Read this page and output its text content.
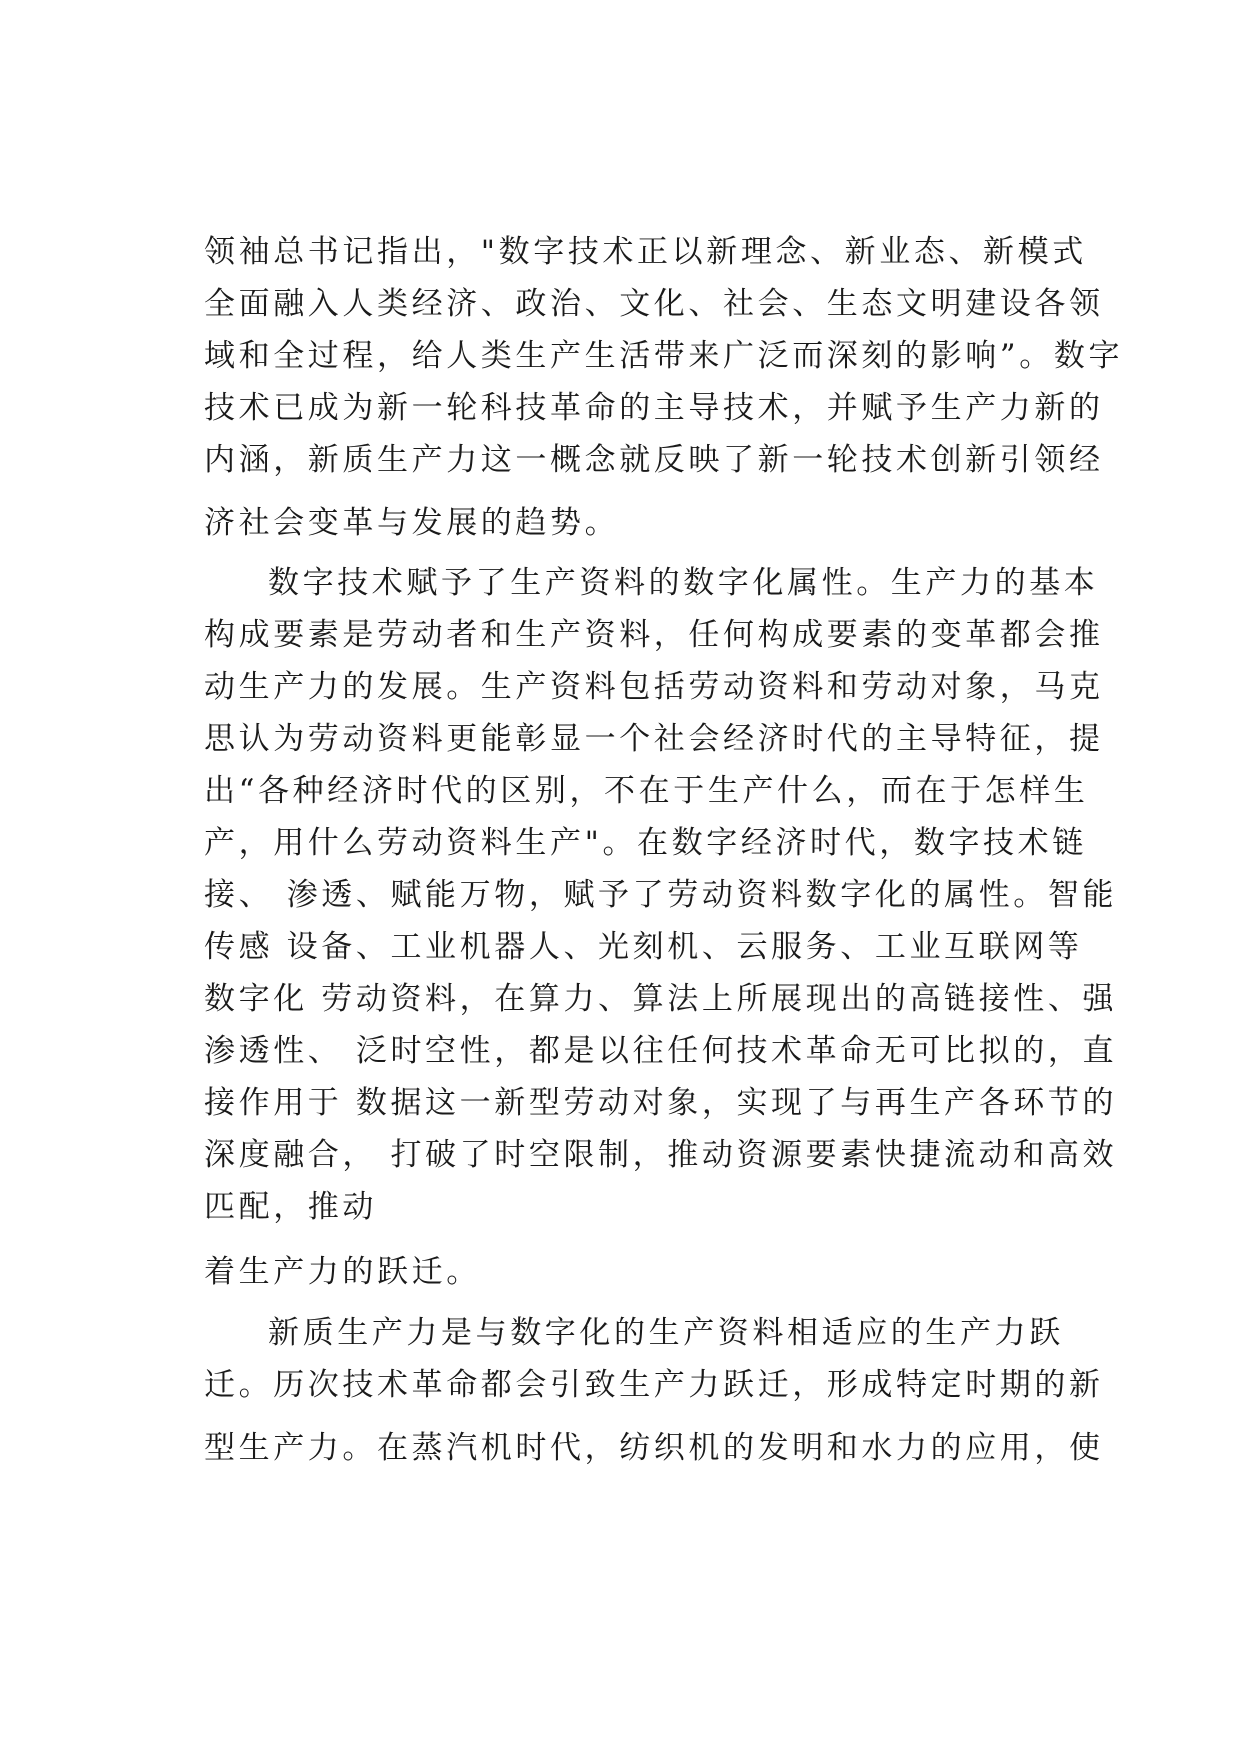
领袖总书记指出，"数字技术正以新理念、新业态、新模式
全面融入人类经济、政治、文化、社会、生态文明建设各领
域和全过程，给人类生产生活带来广泛而深刻的影响”。数字
技术已成为新一轮科技革命的主导技术，并赋予生产力新的
内涵，新质生产力这一概念就反映了新一轮技术创新引领经
济社会变革与发展的趋势。
数字技术赋予了生产资料的数字化属性。生产力的基本
构成要素是劳动者和生产资料，任何构成要素的变革都会推
动生产力的发展。生产资料包括劳动资料和劳动对象，马克
思认为劳动资料更能彰显一个社会经济时代的主导特征，提
出“各种经济时代的区别，不在于生产什么，而在于怎样生
产，用什么劳动资料生产"。在数字经济时代，数字技术链
接、 渗透、赋能万物，赋予了劳动资料数字化的属性。智能
传感 设备、工业机器人、光刻机、云服务、工业互联网等
数字化 劳动资料，在算力、算法上所展现出的高链接性、强
渗透性、 泛时空性，都是以往任何技术革命无可比拟的，直
接作用于 数据这一新型劳动对象，实现了与再生产各环节的
深度融合， 打破了时空限制，推动资源要素快捷流动和高效
匹配，推动
着生产力的跃迁。
新质生产力是与数字化的生产资料相适应的生产力跃
迁。历次技术革命都会引致生产力跃迁，形成特定时期的新
型生产力。在蒸汽机时代，纺织机的发明和水力的应用，使
